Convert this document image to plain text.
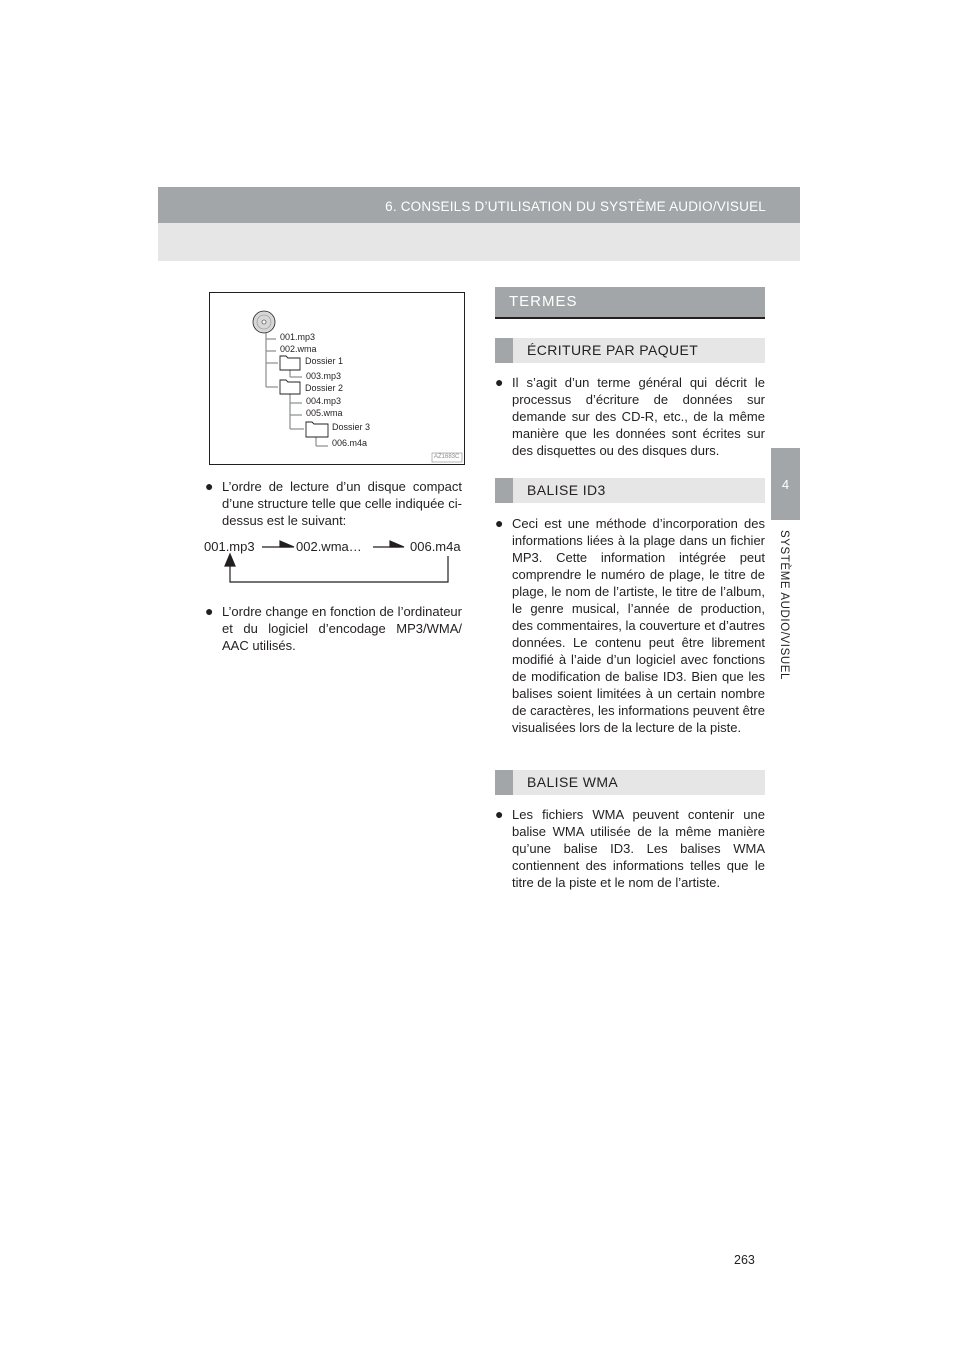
6. CONSEILS D’UTILISATION DU SYSTÈME AUDIO/VISUEL
4
SYSTÈME AUDIO/VISUEL
001.mp3
002.wma
Dossier 1
003.mp3
Dossier 2
004.mp3
005.wma
Dossier 3
006.m4a
AZ1683C
● L’ordre de lecture d’un disque compact d’une structure telle que celle indiquée ci-dessus est le suivant:
001.mp3	002.wma…	006.m4a
● L’ordre change en fonction de l’ordinateur et du logiciel d’encodage MP3/WMA/ AAC utilisés.
TERMES
ÉCRITURE PAR PAQUET
● Il s’agit d’un terme général qui décrit le processus d’écriture de données sur demande sur des CD-R, etc., de la même manière que les données sont écrites sur des disquettes ou des disques durs.
BALISE ID3
● Ceci est une méthode d’incorporation des informations liées à la plage dans un fichier MP3. Cette information intégrée peut comprendre le numéro de plage, le titre de plage, le nom de l’artiste, le titre de l’album, le genre musical, l’année de production, des commentaires, la couverture et d’autres données. Le contenu peut être librement modifié à l’aide d’un logiciel avec fonctions de modification de balise ID3. Bien que les balises soient limitées à un certain nombre de caractères, les informations peuvent être visualisées lors de la lecture de la piste.
BALISE WMA
● Les fichiers WMA peuvent contenir une balise WMA utilisée de la même manière qu’une balise ID3. Les balises WMA contiennent des informations telles que le titre de la piste et le nom de l’artiste.
263
